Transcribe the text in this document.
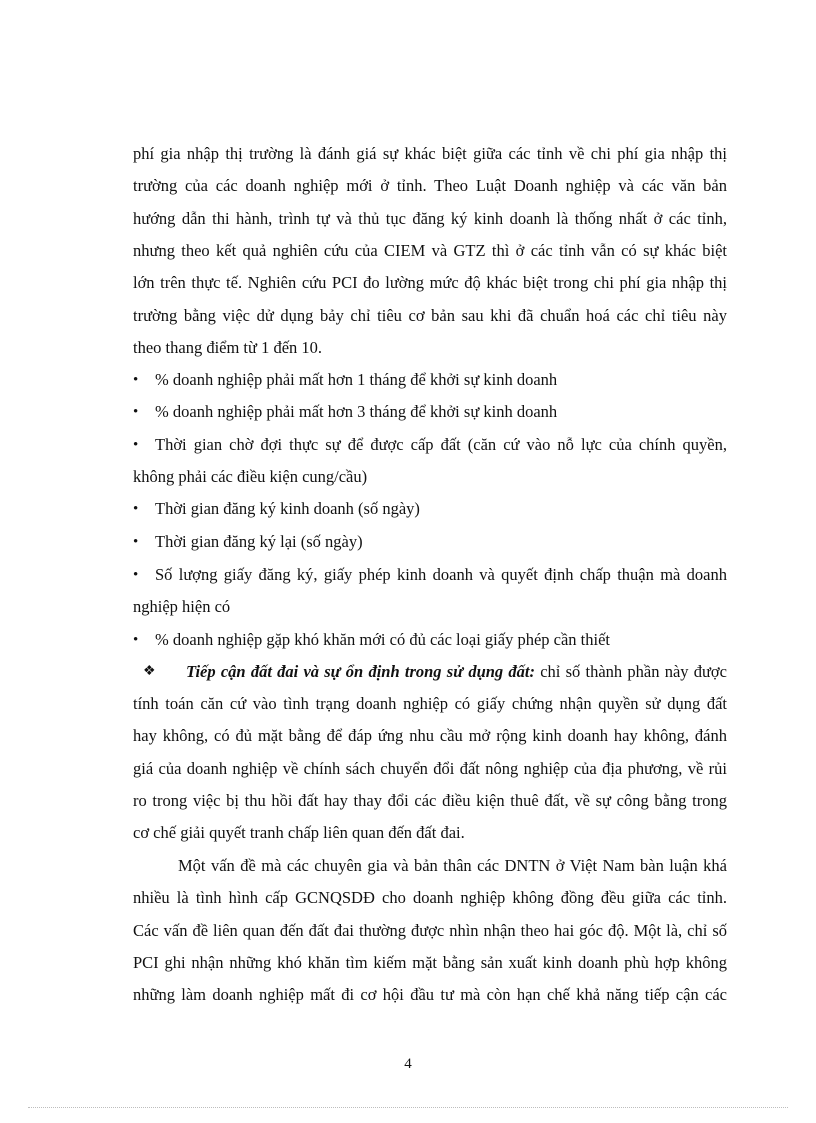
phí gia nhập thị trường là đánh giá sự khác biệt giữa các tỉnh về chi phí gia nhập thị
trường của các doanh nghiệp mới ở tỉnh. Theo Luật Doanh nghiệp và các văn bản
hướng dẫn thi hành, trình tự và thủ tục đăng ký kinh doanh là thống nhất ở các tỉnh,
nhưng theo kết quả nghiên cứu của CIEM và GTZ thì ở các tỉnh vẫn có sự khác biệt
lớn trên thực tế. Nghiên cứu PCI đo lường mức độ khác biệt trong chi phí gia nhập thị
trường bằng việc dử dụng bảy chỉ tiêu cơ bản sau khi đã chuẩn hoá các chỉ tiêu này
theo thang điểm từ 1 đến 10.
•	% doanh nghiệp phải mất hơn 1 tháng để khởi sự kinh doanh
•	% doanh nghiệp phải mất hơn 3 tháng để khởi sự kinh doanh
•	Thời gian chờ đợi thực sự để được cấp đất (căn cứ vào nỗ lực của chính quyền,
không phải các điều kiện cung/cầu)
•	Thời gian đăng ký kinh doanh (số ngày)
•	Thời gian đăng ký lại (số ngày)
•	Số lượng giấy đăng ký, giấy phép kinh doanh và quyết định chấp thuận mà doanh
nghiệp hiện có
•	% doanh nghiệp gặp khó khăn mới có đủ các loại giấy phép cần thiết
❖	Tiếp cận đất đai và sự ổn định trong sử dụng đất: chỉ số thành phần này được
tính toán căn cứ vào tình trạng doanh nghiệp có giấy chứng nhận quyền sử dụng đất
hay không, có đủ mặt bằng để đáp ứng nhu cầu mở rộng kinh doanh hay không, đánh
giá của doanh nghiệp về chính sách chuyển đổi đất nông nghiệp của địa phương, về rủi
ro trong việc bị thu hồi đất hay thay đổi các điều kiện thuê đất, về sự công bằng trong
cơ chế giải quyết tranh chấp liên quan đến đất đai.
Một vấn đề mà các chuyên gia và bản thân các DNTN ở Việt Nam bàn luận khá
nhiều là tình hình cấp GCNQSDĐ cho doanh nghiệp không đồng đều giữa các tỉnh.
Các vấn đề liên quan đến đất đai thường được nhìn nhận theo hai góc độ. Một là, chỉ số
PCI ghi nhận những khó khăn tìm kiếm mặt bằng sản xuất kinh doanh phù hợp không
những làm doanh nghiệp mất đi cơ hội đầu tư mà còn hạn chế khả năng tiếp cận các
4
